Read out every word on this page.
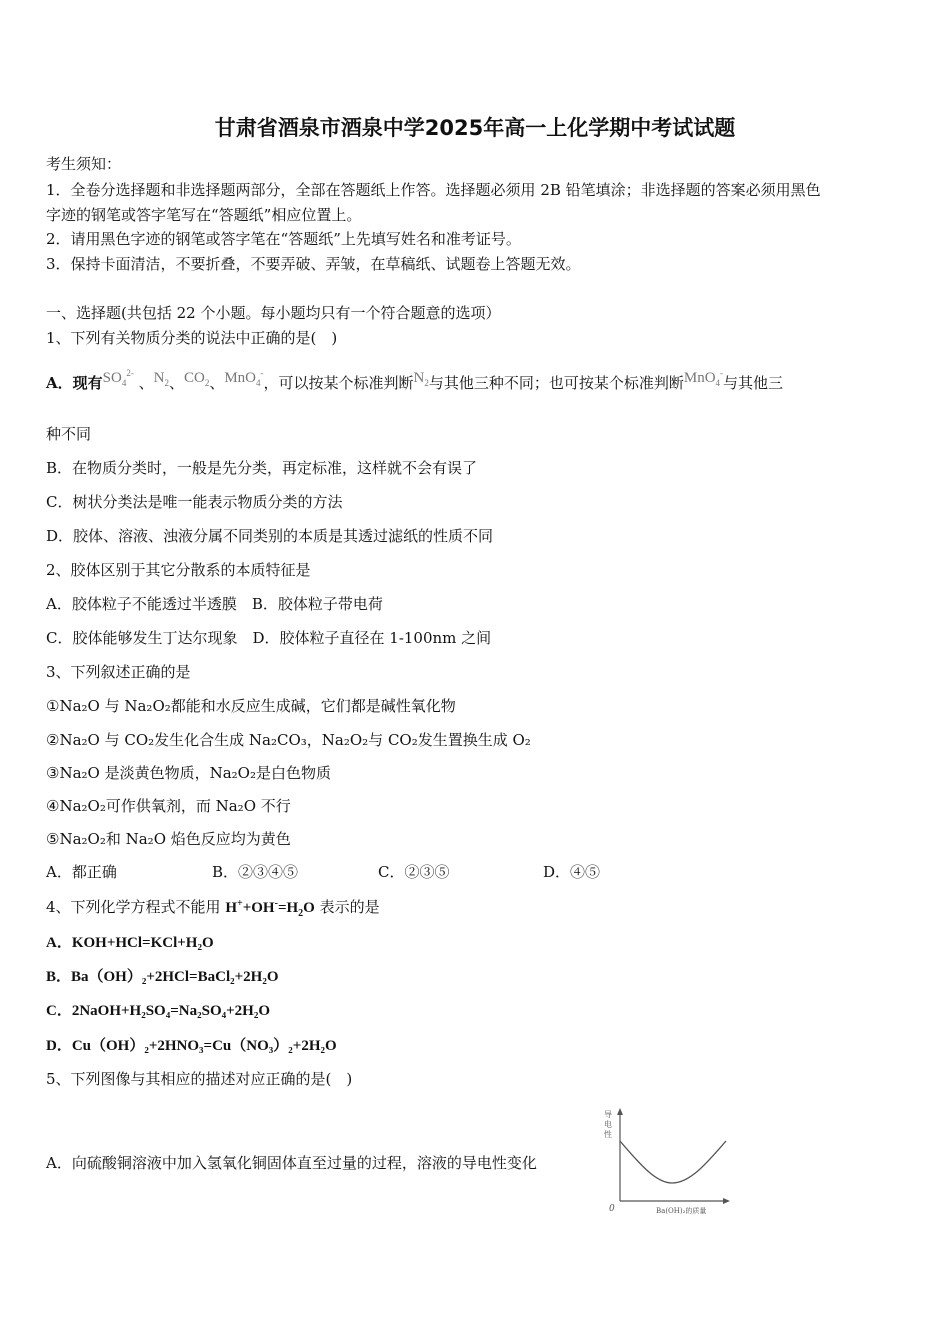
甘肃省酒泉市酒泉中学2025年高一上化学期中考试试题
考生须知：
1．全卷分选择题和非选择题两部分，全部在答题纸上作答。选择题必须用 2B 铅笔填涂；非选择题的答案必须用黑色
字迹的钢笔或答字笔写在“答题纸”相应位置上。
2．请用黑色字迹的钢笔或答字笔在“答题纸”上先填写姓名和准考证号。
3．保持卡面清洁，不要折叠，不要弄破、弄皱，在草稿纸、试题卷上答题无效。
一、选择题(共包括 22 个小题。每小题均只有一个符合题意的选项）
1、下列有关物质分类的说法中正确的是(　)
A．现有$SO_4^{2-}$ 、$N_2$、$CO_2$、MnO$_4$-，可以按某个标准判断$N_2$与其他三种不同；也可按某个标准判断MnO$_4$-与其他三
种不同
B．在物质分类时，一般是先分类，再定标准，这样就不会有误了
C．树状分类法是唯一能表示物质分类的方法
D．胶体、溶液、浊液分属不同类别的本质是其透过滤纸的性质不同
2、胶体区别于其它分散系的本质特征是
A．胶体粒子不能透过半透膜　B．胶体粒子带电荷
C．胶体能够发生丁达尔现象　D．胶体粒子直径在 1-100nm 之间
3、下列叙述正确的是
①Na₂O 与 Na₂O₂都能和水反应生成碱，它们都是碱性氧化物
②Na₂O 与 CO₂发生化合生成 Na₂CO₃，Na₂O₂与 CO₂发生置换生成 O₂
③Na₂O 是淡黄色物质，Na₂O₂是白色物质
④Na₂O₂可作供氧剂，而 Na₂O 不行
⑤Na₂O₂和 Na₂O 焰色反应均为黄色
A．都正确	B．②③④⑤	C．②③⑤	D．④⑤
4、下列化学方程式不能用 $H^++OH^-=H_2O$ 表示的是
A．KOH+HCl=KCl+H₂O
B．Ba（OH）₂+2HCl=BaCl₂+2H₂O
C．2NaOH+H₂SO₄=Na₂SO₄+2H₂O
D．Cu（OH）₂+2HNO₃=Cu（NO₃）₂+2H₂O
5、下列图像与其相应的描述对应正确的是(　)
A．向硫酸铜溶液中加入氢氧化铜固体直至过量的过程，溶液的导电性变化
导
电
性
0	Ba(OH)₂的质量
